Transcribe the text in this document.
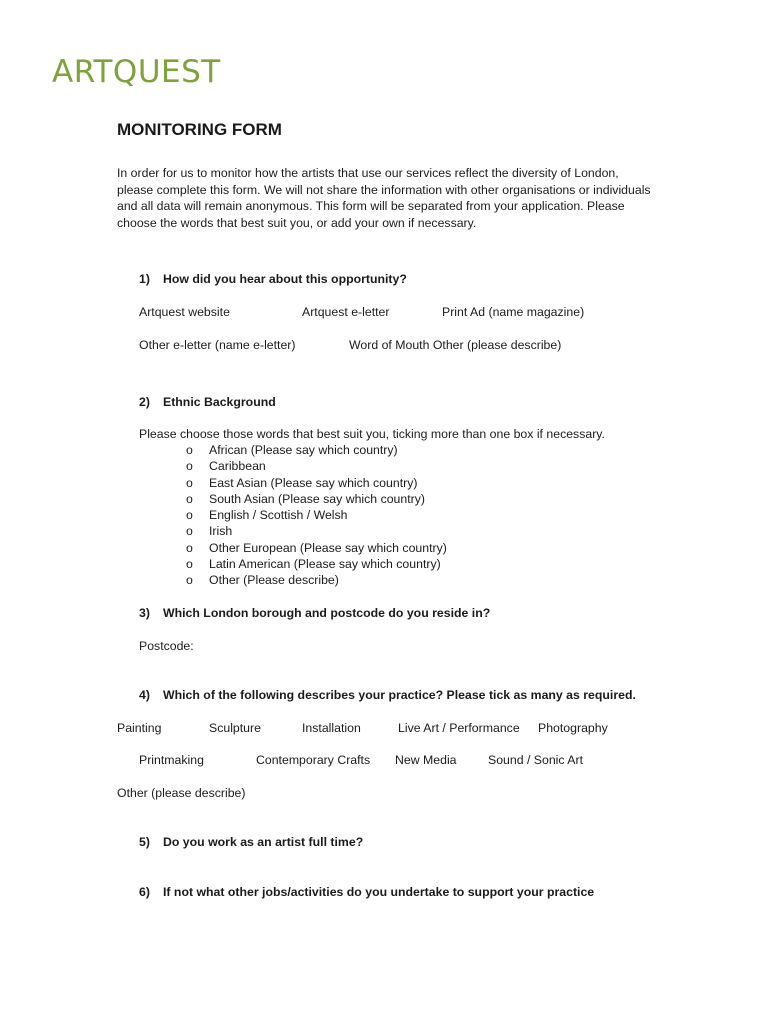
ARTQUEST
MONITORING FORM
In order for us to monitor how the artists that use our services reflect the diversity of London, please complete this form. We will not share the information with other organisations or individuals and all data will remain anonymous. This form will be separated from your application. Please choose the words that best suit you, or add your own if necessary.
1) How did you hear about this opportunity?
Artquest website	Artquest e-letter	Print Ad (name magazine)
Other e-letter (name e-letter)	Word of Mouth Other (please describe)
2) Ethnic Background
Please choose those words that best suit you, ticking more than one box if necessary.
o African (Please say which country)
o Caribbean
o East Asian (Please say which country)
o South Asian (Please say which country)
o English / Scottish / Welsh
o Irish
o Other European (Please say which country)
o Latin American (Please say which country)
o Other (Please describe)
3) Which London borough and postcode do you reside in?
Postcode:
4) Which of the following describes your practice? Please tick as many as required.
Painting	Sculpture	Installation	Live Art / Performance Photography
Printmaking	Contemporary Crafts New Media	Sound / Sonic Art
Other (please describe)
5) Do you work as an artist full time?
6) If not what other jobs/activities do you undertake to support your practice
